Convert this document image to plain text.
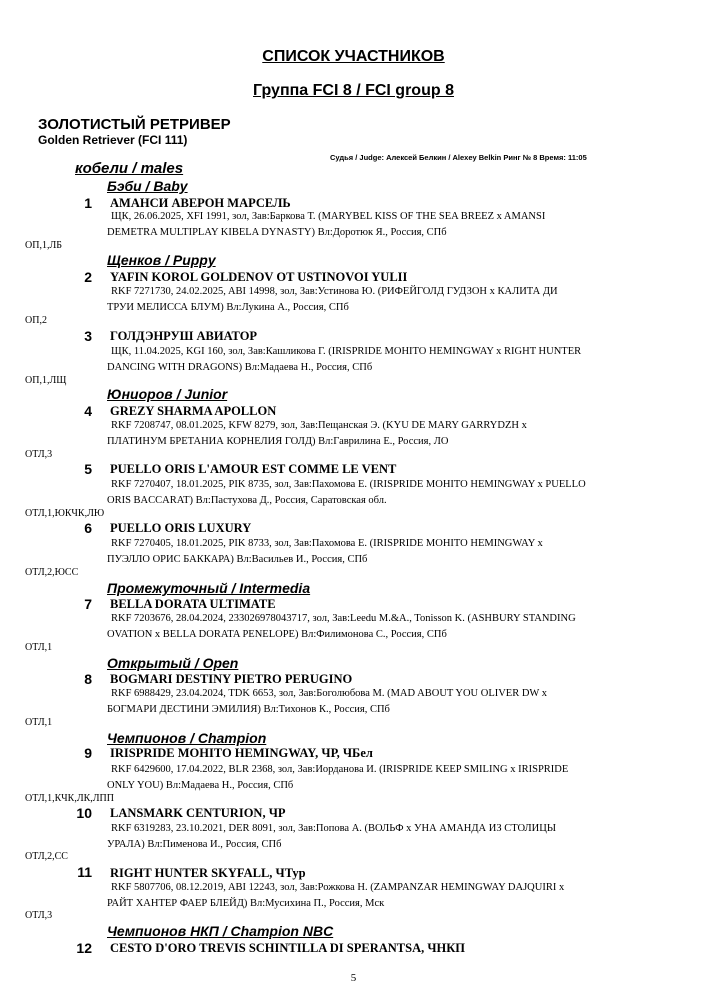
СПИСОК УЧАСТНИКОВ
Группа FCI 8 / FCI group 8
ЗОЛОТИСТЫЙ РЕТРИВЕР
Golden Retriever (FCI 111)
Судья / Judge: Алексей Белкин / Alexey Belkin Ринг № 8 Время: 11:05
кобели / males
Бэби / Baby
Щенков / Puppy
Юниоров / Junior
Промежуточный / Intermedia
Открытый / Open
Чемпионов / Champion
Чемпионов НКП / Champion NBC
1 АМАНСИ АВЕРОН МАРСЕЛЬ
ЩК, 26.06.2025, XFI 1991, зол, Зав:Баркова Т. (MARYBEL KISS OF THE SEA BREEZ x AMANSI
DEMETRA MULTIPLAY KIBELA DYNASTY) Вл:Доротюк Я., Россия, СПб
ОП,1,ЛБ
2 YAFIN KOROL GOLDENOV OT USTINOVOI YULII
RKF 7271730, 24.02.2025, ABI 14998, зол, Зав:Устинова Ю. (РИФЕЙГОЛД ГУДЗОН x КАЛИТА ДИ
ТРУИ МЕЛИССА БЛУМ) Вл:Лукина А., Россия, СПб
ОП,2
3 ГОЛДЭНРУШ АВИАТОР
ЩК, 11.04.2025, KGI 160, зол, Зав:Кашликова Г. (IRISPRIDE MOHITO HEMINGWAY x RIGHT HUNTER
DANCING WITH DRAGONS) Вл:Мадаева Н., Россия, СПб
ОП,1,ЛЩ
4 GREZY SHARMA APOLLON
RKF 7208747, 08.01.2025, KFW 8279, зол, Зав:Пещанская Э. (KYU DE MARY GARRYDZH x
ПЛАТИНУМ БРЕТАНИА КОРНЕЛИЯ ГОЛД) Вл:Гаврилина Е., Россия, ЛО
ОТЛ,3
5 PUELLO ORIS L'AMOUR EST COMME LE VENT
RKF 7270407, 18.01.2025, PIK 8735, зол, Зав:Пахомова Е. (IRISPRIDE MOHITO HEMINGWAY x PUELLO
ORIS BACCARAT) Вл:Пастухова Д., Россия, Саратовская обл.
ОТЛ,1,ЮКЧК,ЛЮ
6 PUELLO ORIS LUXURY
RKF 7270405, 18.01.2025, PIK 8733, зол, Зав:Пахомова Е. (IRISPRIDE MOHITO HEMINGWAY x
ПУЭЛЛО ОРИС БАККАРА) Вл:Васильев И., Россия, СПб
ОТЛ,2,ЮСС
7 BELLA DORATA ULTIMATE
RKF 7203676, 28.04.2024, 233026978043717, зол, Зав:Leedu M.&A., Tonisson K. (ASHBURY STANDING
OVATION x BELLA DORATA PENELOPE) Вл:Филимонова С., Россия, СПб
ОТЛ,1
8 BOGMARI DESTINY PIETRO PERUGINO
RKF 6988429, 23.04.2024, TDK 6653, зол, Зав:Боголюбова М. (MAD ABOUT YOU OLIVER DW x
БОГМАРИ ДЕСТИНИ ЭМИЛИЯ) Вл:Тихонов К., Россия, СПб
ОТЛ,1
9 IRISPRIDE MOHITO HEMINGWAY, ЧР, ЧБел
RKF 6429600, 17.04.2022, BLR 2368, зол, Зав:Иорданова И. (IRISPRIDE KEEP SMILING x IRISPRIDE
ONLY YOU) Вл:Мадаева Н., Россия, СПб
ОТЛ,1,КЧК,ЛК,ЛПП
10 LANSMARK CENTURION, ЧР
RKF 6319283, 23.10.2021, DER 8091, зол, Зав:Попова А. (ВОЛЬФ x УНА АМАНДА ИЗ СТОЛИЦЫ
УРАЛА) Вл:Пименова И., Россия, СПб
ОТЛ,2,СС
11 RIGHT HUNTER SKYFALL, ЧТур
RKF 5807706, 08.12.2019, ABI 12243, зол, Зав:Рожкова Н. (ZAMPANZAR HEMINGWAY DAJQUIRI x
РАЙТ ХАНТЕР ФАЕР БЛЕЙД) Вл:Мусихина П., Россия, Мск
ОТЛ,3
12 CESTO D'ORO TREVIS SCHINTILLA DI SPERANTSA, ЧНКП
5
